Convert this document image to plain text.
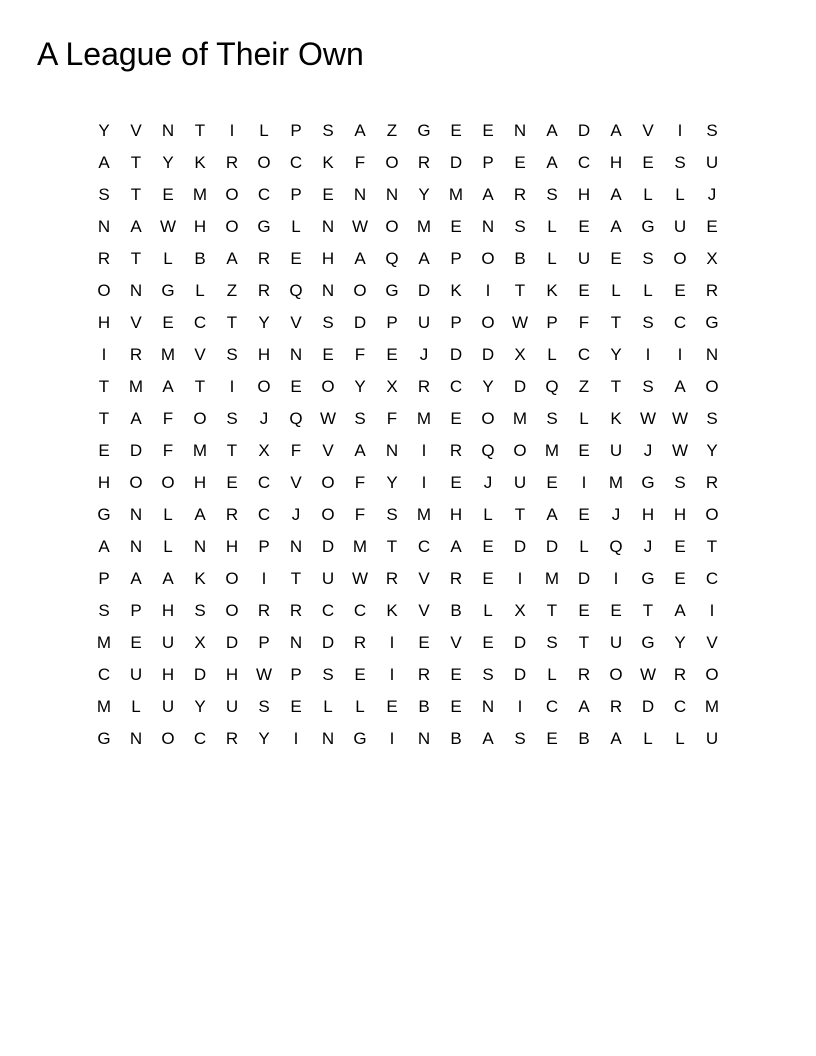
A League of Their Own
Y	V	N	T	I	L	P	S	A	Z	G	E	E	N	A	D	A	V	I	S
A	T	Y	K	R	O	C	K	F	O	R	D	P	E	A	C	H	E	S	U
S	T	E	M	O	C	P	E	N	N	Y	M	A	R	S	H	A	L	L	J
N	A	W	H	O	G	L	N	W	O	M	E	N	S	L	E	A	G	U	E
R	T	L	B	A	R	E	H	A	Q	A	P	O	B	L	U	E	S	O	X
O	N	G	L	Z	R	Q	N	O	G	D	K	I	T	K	E	L	L	E	R
H	V	E	C	T	Y	V	S	D	P	U	P	O	W	P	F	T	S	C	G
I	R	M	V	S	H	N	E	F	E	J	D	D	X	L	C	Y	I	I	N
T	M	A	T	I	O	E	O	Y	X	R	C	Y	D	Q	Z	T	S	A	O
T	A	F	O	S	J	Q	W	S	F	M	E	O	M	S	L	K	W	W	S
E	D	F	M	T	X	F	V	A	N	I	R	Q	O	M	E	U	J	W	Y
H	O	O	H	E	C	V	O	F	Y	I	E	J	U	E	I	M	G	S	R
G	N	L	A	R	C	J	O	F	S	M	H	L	T	A	E	J	H	H	O
A	N	L	N	H	P	N	D	M	T	C	A	E	D	D	L	Q	J	E	T
P	A	A	K	O	I	T	U	W	R	V	R	E	I	M	D	I	G	E	C
S	P	H	S	O	R	R	C	C	K	V	B	L	X	T	E	E	T	A	I
M	E	U	X	D	P	N	D	R	I	E	V	E	D	S	T	U	G	Y	V
C	U	H	D	H	W	P	S	E	I	R	E	S	D	L	R	O	W	R	O
M	L	U	Y	U	S	E	L	L	E	B	E	N	I	C	A	R	D	C	M
G	N	O	C	R	Y	I	N	G	I	N	B	A	S	E	B	A	L	L	U
